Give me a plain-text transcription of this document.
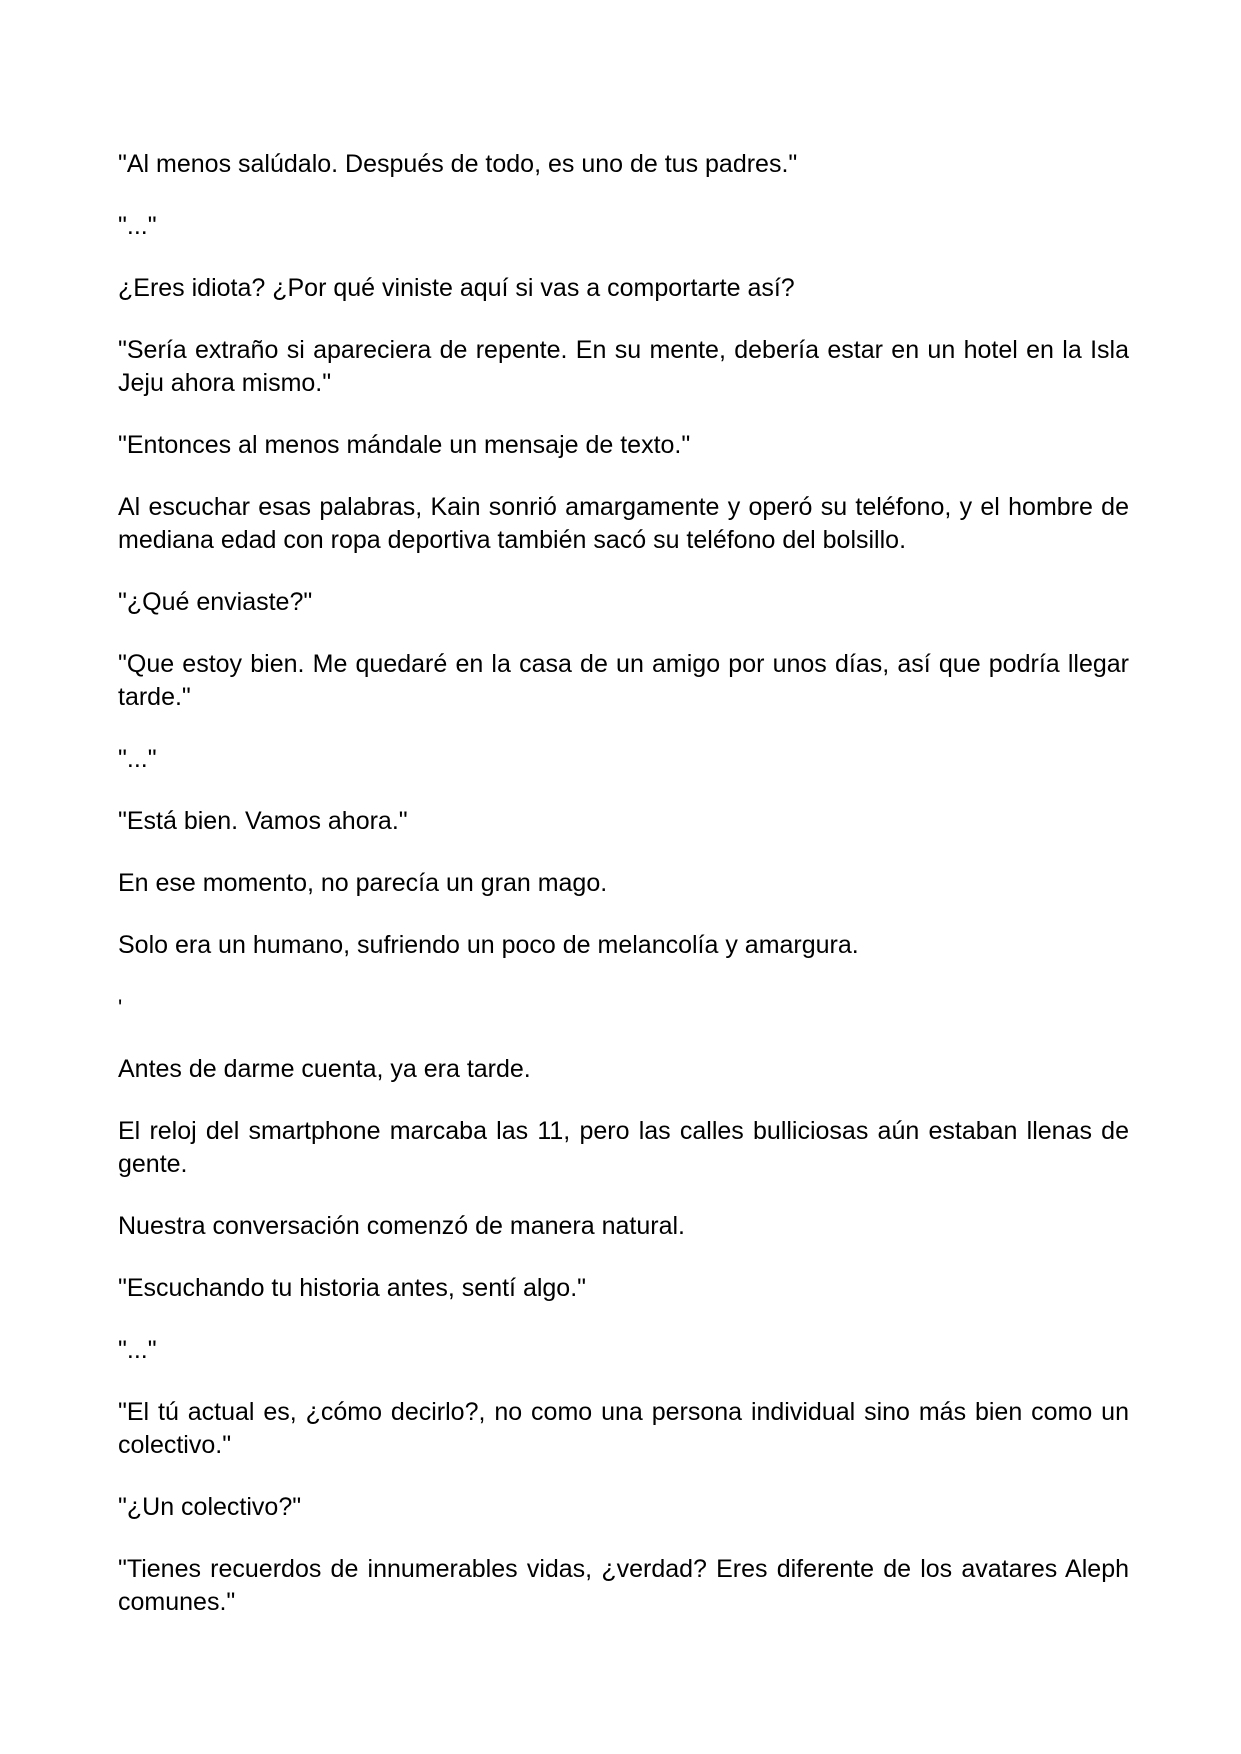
"Al menos salúdalo. Después de todo, es uno de tus padres."

"..."

¿Eres idiota? ¿Por qué viniste aquí si vas a comportarte así?

"Sería extraño si apareciera de repente. En su mente, debería estar en un hotel en la Isla Jeju ahora mismo."

"Entonces al menos mándale un mensaje de texto."

Al escuchar esas palabras, Kain sonrió amargamente y operó su teléfono, y el hombre de mediana edad con ropa deportiva también sacó su teléfono del bolsillo.

"¿Qué enviaste?"

"Que estoy bien. Me quedaré en la casa de un amigo por unos días, así que podría llegar tarde."

"..."

"Está bien. Vamos ahora."

En ese momento, no parecía un gran mago.

Solo era un humano, sufriendo un poco de melancolía y amargura.

'

Antes de darme cuenta, ya era tarde.

El reloj del smartphone marcaba las 11, pero las calles bulliciosas aún estaban llenas de gente.

Nuestra conversación comenzó de manera natural.

"Escuchando tu historia antes, sentí algo."

"..."

"El tú actual es, ¿cómo decirlo?, no como una persona individual sino más bien como un colectivo."

"¿Un colectivo?"

"Tienes recuerdos de innumerables vidas, ¿verdad? Eres diferente de los avatares Aleph comunes."
